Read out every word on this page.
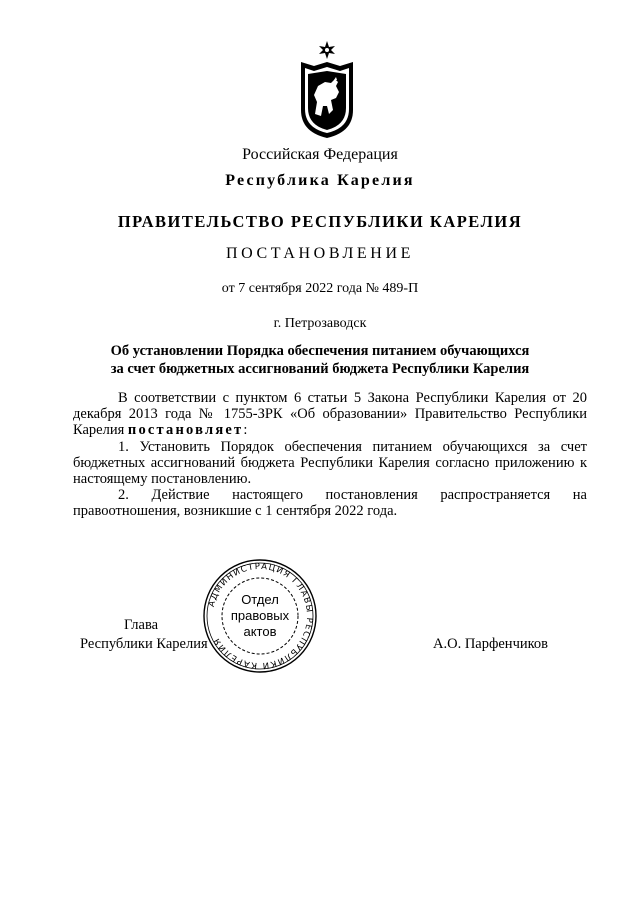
Российская Федерация
Республика Карелия
ПРАВИТЕЛЬСТВО РЕСПУБЛИКИ КАРЕЛИЯ
ПОСТАНОВЛЕНИЕ
от 7 сентября 2022 года № 489-П
г. Петрозаводск
Об установлении Порядка обеспечения питанием обучающихся
за счет бюджетных ассигнований бюджета Республики Карелия

В соответствии с пунктом 6 статьи 5 Закона Республики Карелия от 20 декабря 2013 года № 1755-ЗРК «Об образовании» Правительство Республики Карелия постановляет:

1. Установить Порядок обеспечения питанием обучающихся за счет бюджетных ассигнований бюджета Республики Карелия согласно приложению к настоящему постановлению.

2. Действие настоящего постановления распространяется на правоотношения, возникшие с 1 сентября 2022 года.

Глава
Республики Карелия	А.О. Парфенчиков
АДМИНИСТРАЦИЯ ГЛАВЫ РЕСПУБЛИКИ КАРЕЛИЯ
Отдел
правовых
актов
